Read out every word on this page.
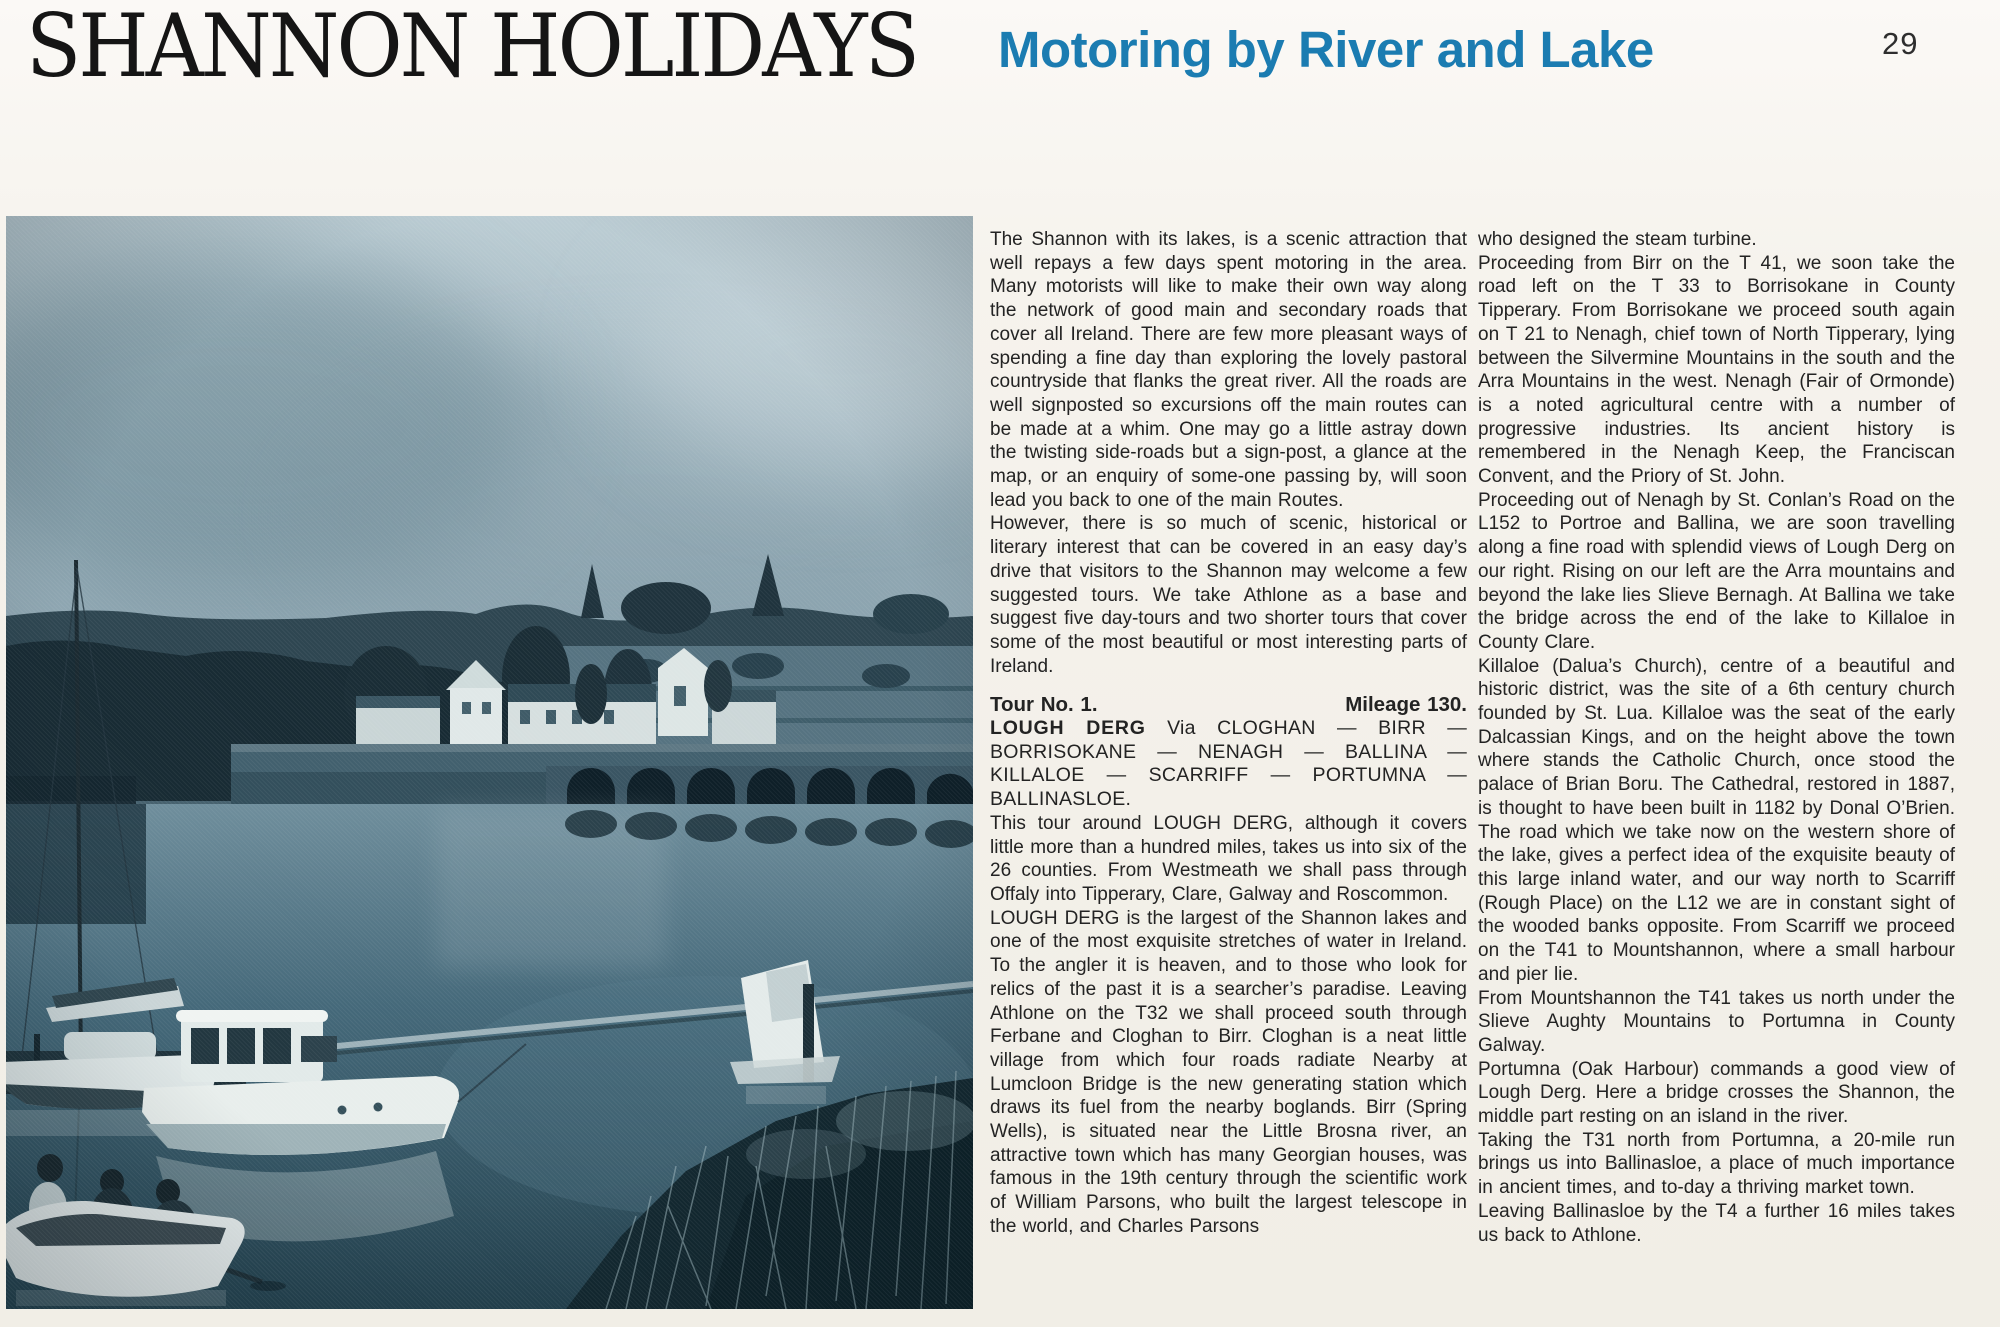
SHANNON HOLIDAYS Motoring by River and Lake	29

The Shannon with its lakes, is a scenic attraction that well repays a few days spent motoring in the area. Many motorists will like to make their own way along the network of good main and secondary roads that cover all Ireland. There are few more pleasant ways of spending a fine day than exploring the lovely pastoral countryside that flanks the great river. All the roads are well signposted so excursions off the main routes can be made at a whim. One may go a little astray down the twisting side-roads but a sign-post, a glance at the map, or an enquiry of some-one passing by, will soon lead you back to one of the main Routes.

However, there is so much of scenic, historical or literary interest that can be covered in an easy day’s drive that visitors to the Shannon may welcome a few suggested tours. We take Athlone as a base and suggest five day-tours and two shorter tours that cover some of the most beautiful or most interesting parts of Ireland.

Tour No. 1.	Mileage 130.

LOUGH DERG Via CLOGHAN — BIRR — BORRISOKANE — NENAGH — BALLINA — KILLALOE — SCARRIFF — PORTUMNA — BALLINASLOE.

This tour around LOUGH DERG, although it covers little more than a hundred miles, takes us into six of the 26 counties. From Westmeath we shall pass through Offaly into Tipperary, Clare, Galway and Roscommon.

LOUGH DERG is the largest of the Shannon lakes and one of the most exquisite stretches of water in Ireland. To the angler it is heaven, and to those who look for relics of the past it is a searcher’s paradise. Leaving Athlone on the T32 we shall proceed south through Ferbane and Cloghan to Birr. Cloghan is a neat little village from which four roads radiate Nearby at Lumcloon Bridge is the new generating station which draws its fuel from the nearby boglands. Birr (Spring Wells), is situated near the Little Brosna river, an attractive town which has many Georgian houses, was famous in the 19th century through the scientific work of William Parsons, who built the largest telescope in the world, and Charles Parsons

who designed the steam turbine.

Proceeding from Birr on the T 41, we soon take the road left on the T 33 to Borrisokane in County Tipperary. From Borrisokane we proceed south again on T 21 to Nenagh, chief town of North Tipperary, lying between the Silvermine Mountains in the south and the Arra Mountains in the west. Nenagh (Fair of Ormonde) is a noted agricultural centre with a number of progressive industries. Its ancient history is remembered in the Nenagh Keep, the Franciscan Convent, and the Priory of St. John.

Proceeding out of Nenagh by St. Conlan’s Road on the L152 to Portroe and Ballina, we are soon travelling along a fine road with splendid views of Lough Derg on our right. Rising on our left are the Arra mountains and beyond the lake lies Slieve Bernagh. At Ballina we take the bridge across the end of the lake to Killaloe in County Clare.

Killaloe (Dalua’s Church), centre of a beautiful and historic district, was the site of a 6th century church founded by St. Lua. Killaloe was the seat of the early Dalcassian Kings, and on the height above the town where stands the Catholic Church, once stood the palace of Brian Boru. The Cathedral, restored in 1887, is thought to have been built in 1182 by Donal O’Brien. The road which we take now on the western shore of the lake, gives a perfect idea of the exquisite beauty of this large inland water, and our way north to Scarriff (Rough Place) on the L12 we are in constant sight of the wooded banks opposite. From Scarriff we proceed on the T41 to Mountshannon, where a small harbour and pier lie.

From Mountshannon the T41 takes us north under the Slieve Aughty Mountains to Portumna in County Galway.

Portumna (Oak Harbour) commands a good view of Lough Derg. Here a bridge crosses the Shannon, the middle part resting on an island in the river.

Taking the T31 north from Portumna, a 20-mile run brings us into Ballinasloe, a place of much importance in ancient times, and to-day a thriving market town.

Leaving Ballinasloe by the T4 a further 16 miles takes us back to Athlone.
